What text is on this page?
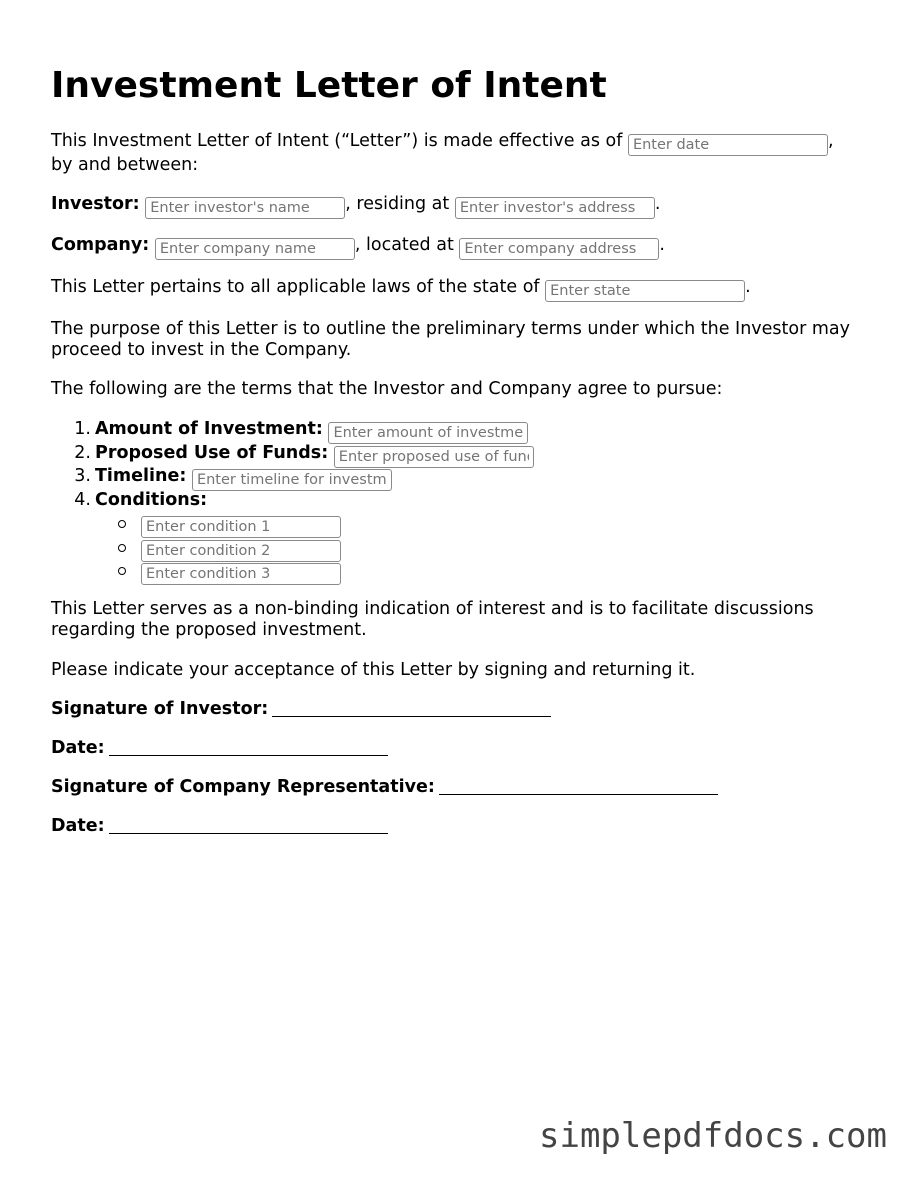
Investment Letter of Intent
This Investment Letter of Intent (“Letter”) is made effective as of Enter date	,
by and between:
Investor: Enter investor's name	, residing at Enter investor's address	.
Company: Enter company name	, located at Enter company address	.
This Letter pertains to all applicable laws of the state of Enter state	.
The purpose of this Letter is to outline the preliminary terms under which the Investor may proceed to invest in the Company.
The following are the terms that the Investor and Company agree to pursue:
1. Amount of Investment: Enter amount of investment
2. Proposed Use of Funds: Enter proposed use of funds
3. Timeline: Enter timeline for investment
4. Conditions:
Enter condition 1
Enter condition 2
Enter condition 3
This Letter serves as a non-binding indication of interest and is to facilitate discussions regarding the proposed investment.
Please indicate your acceptance of this Letter by signing and returning it.
Signature of Investor:
Date:
Signature of Company Representative:
Date:
simplepdfdocs.com
